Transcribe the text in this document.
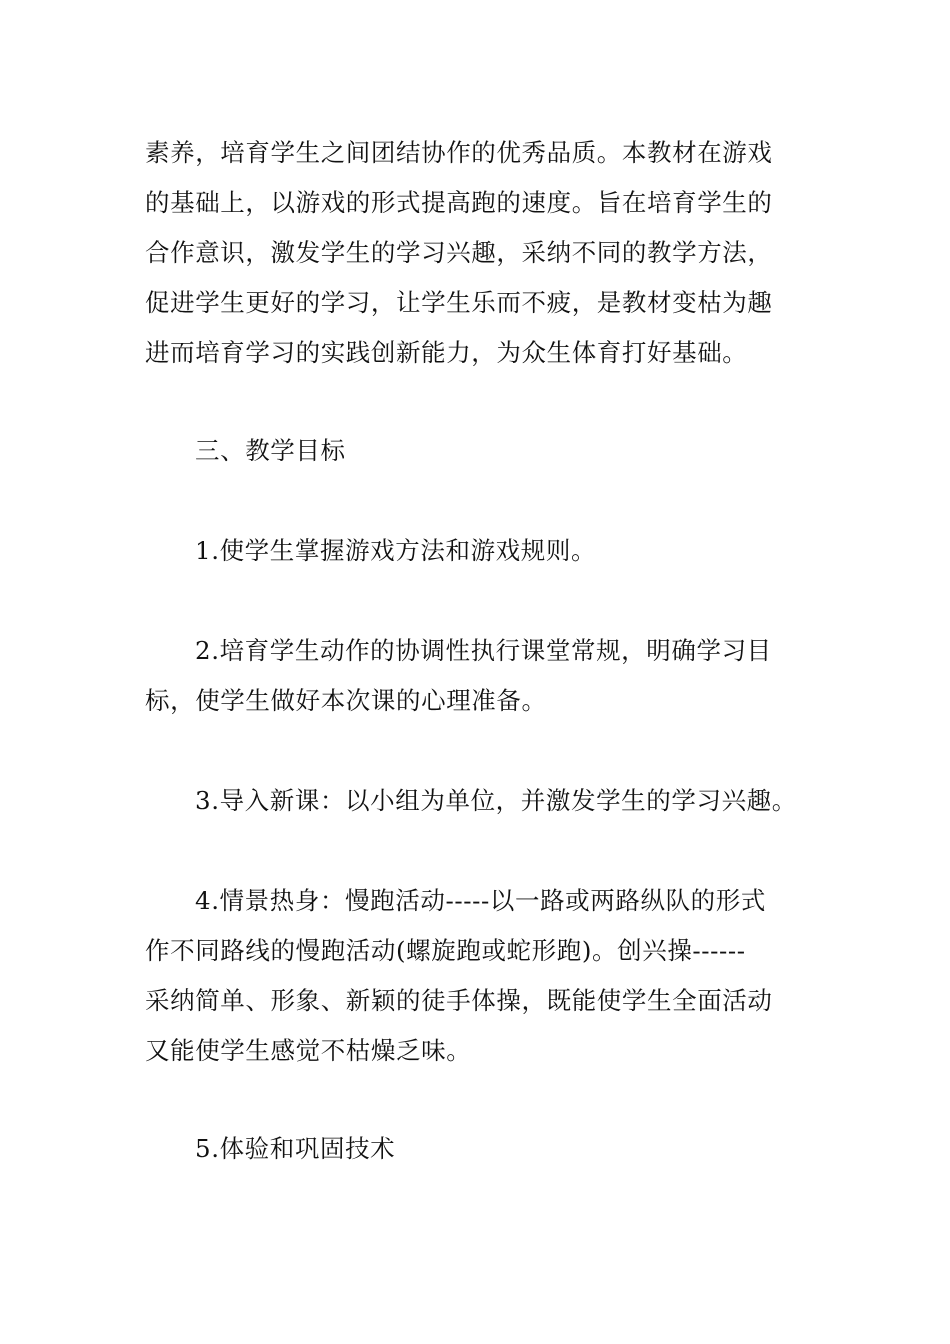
素养，培育学生之间团结协作的优秀品质。本教材在游戏
的基础上，以游戏的形式提高跑的速度。旨在培育学生的
合作意识，激发学生的学习兴趣，采纳不同的教学方法，
促进学生更好的学习，让学生乐而不疲，是教材变枯为趣
进而培育学习的实践创新能力，为众生体育打好基础。
三、教学目标
1.使学生掌握游戏方法和游戏规则。
2.培育学生动作的协调性执行课堂常规，明确学习目
标，使学生做好本次课的心理准备。
3.导入新课：以小组为单位，并激发学生的学习兴趣。
4.情景热身：慢跑活动-----以一路或两路纵队的形式
作不同路线的慢跑活动(螺旋跑或蛇形跑)。创兴操------
采纳简单、形象、新颖的徒手体操，既能使学生全面活动
又能使学生感觉不枯燥乏味。
5.体验和巩固技术
